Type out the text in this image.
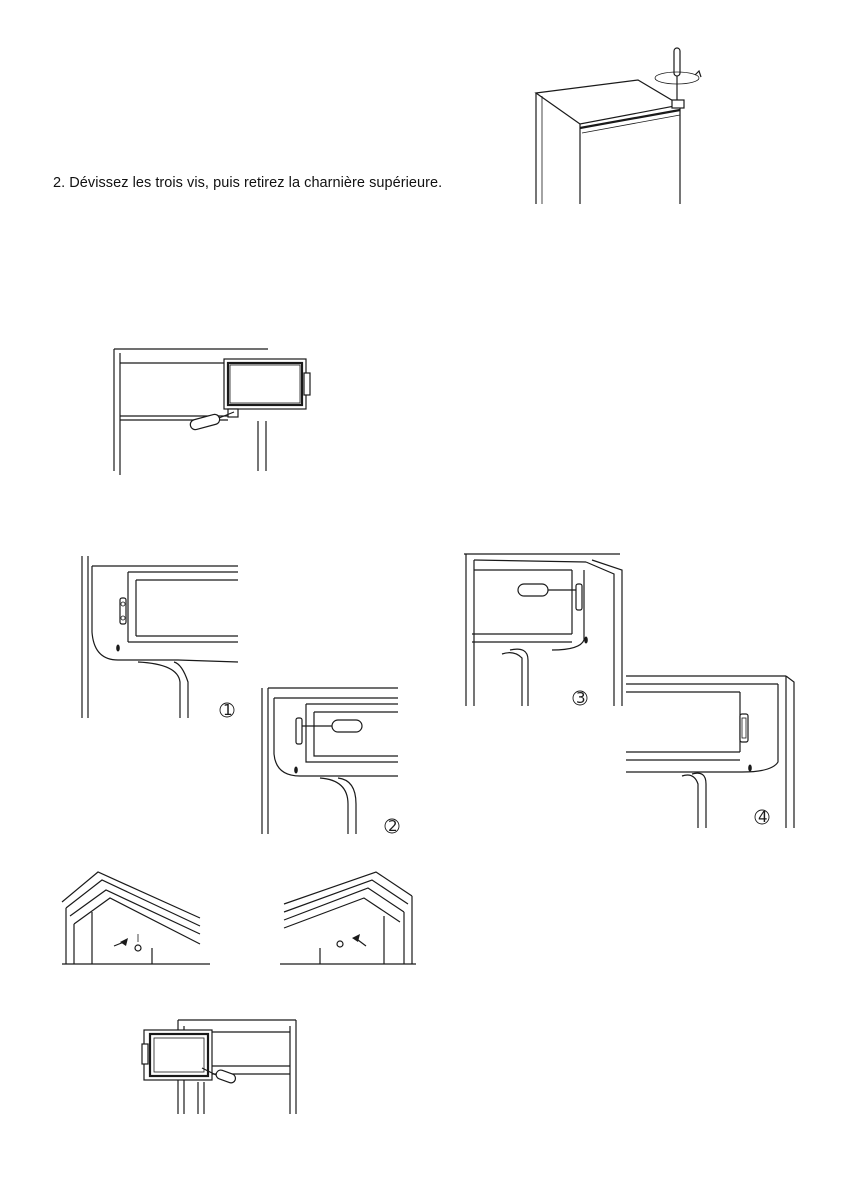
2. Dévissez les trois vis, puis retirez la charnière supérieure.
1
2
3
4
